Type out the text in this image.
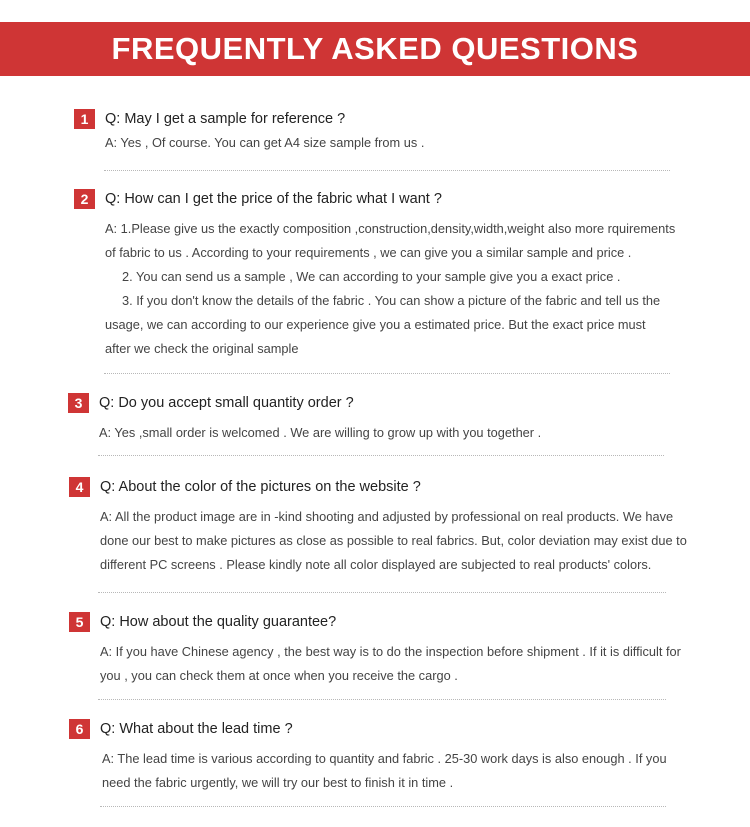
FREQUENTLY ASKED QUESTIONS
1	Q: May I get a sample for reference ?

A: Yes , Of course. You can get A4 size sample from us .

2	Q: How can I get the price of the fabric what I want ?

A: 1.Please give us the exactly composition ,construction,density,width,weight also more rquirements

of fabric to us . According to your requirements , we can give you a similar sample and price .

2. You can send us a sample , We can according to your sample give you a exact price .

3. If you don't know the details of the fabric . You can show a picture of the fabric and tell us the

usage, we can according to our experience give you a estimated price. But the exact price must

after we check the original sample

3	Q: Do you accept small quantity order ?

A: Yes ,small order is welcomed . We are willing to grow up with you together .

4	Q: About the color of the pictures on the website ?

A: All the product image are in -kind shooting and adjusted by professional on real products. We have

done our best to make pictures as close as possible to real fabrics. But, color deviation may exist due to

different PC screens . Please kindly note all color displayed are subjected to real products' colors.

5	Q: How about the quality guarantee?

A: If you have Chinese agency , the best way is to do the inspection before shipment . If it is difficult for

you , you can check them at once when you receive the cargo .

6	Q: What about the lead time ?

A: The lead time is various according to quantity and fabric . 25-30 work days is also enough . If you

need the fabric urgently, we will try our best to finish it in time .
